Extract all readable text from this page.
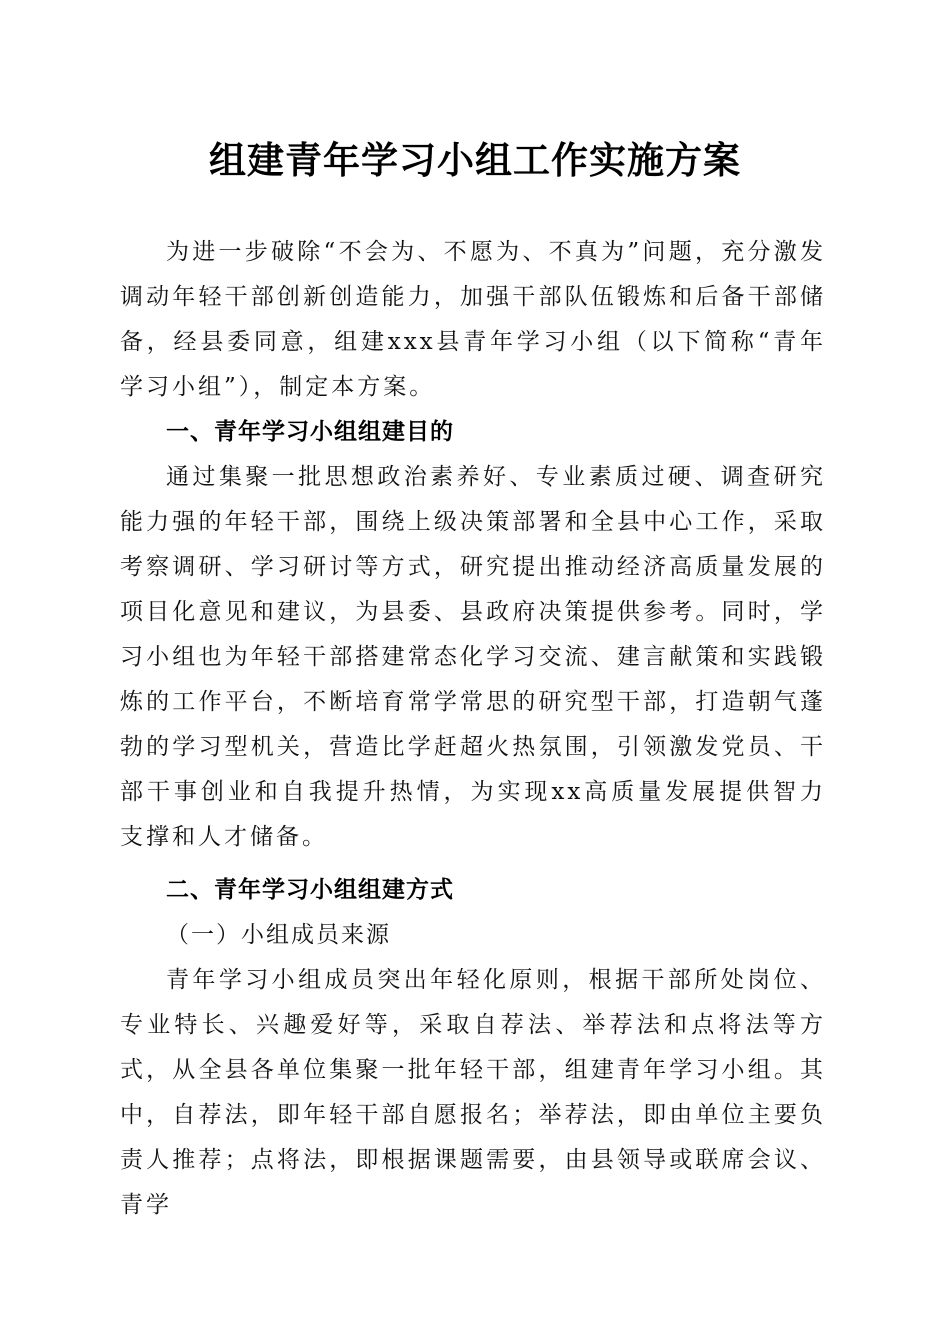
组建青年学习小组工作实施方案

为进一步破除“不会为、不愿为、不真为”问题，充分激发调动年轻干部创新创造能力，加强干部队伍锻炼和后备干部储备，经县委同意，组建xxx县青年学习小组（以下简称“青年学习小组”），制定本方案。

一、青年学习小组组建目的

通过集聚一批思想政治素养好、专业素质过硬、调查研究能力强的年轻干部，围绕上级决策部署和全县中心工作，采取考察调研、学习研讨等方式，研究提出推动经济高质量发展的项目化意见和建议，为县委、县政府决策提供参考。同时，学习小组也为年轻干部搭建常态化学习交流、建言献策和实践锻炼的工作平台，不断培育常学常思的研究型干部，打造朝气蓬勃的学习型机关，营造比学赶超火热氛围，引领激发党员、干部干事创业和自我提升热情，为实现xx高质量发展提供智力支撑和人才储备。

二、青年学习小组组建方式

（一）小组成员来源

青年学习小组成员突出年轻化原则，根据干部所处岗位、专业特长、兴趣爱好等，采取自荐法、举荐法和点将法等方式，从全县各单位集聚一批年轻干部，组建青年学习小组。其中，自荐法，即年轻干部自愿报名；举荐法，即由单位主要负责人推荐；点将法，即根据课题需要，由县领导或联席会议、青学
